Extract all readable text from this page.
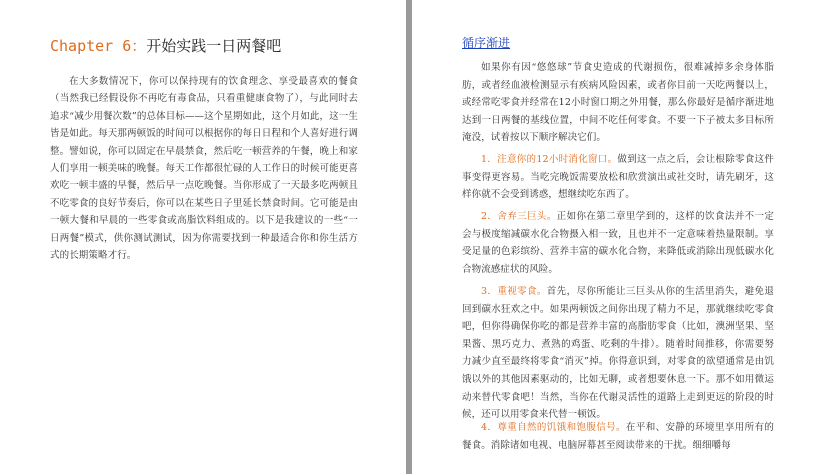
Chapter 6：开始实践一日两餐吧

在大多数情况下，你可以保持现有的饮食理念、享受最喜欢的餐食（当然我已经假设你不再吃有毒食品，只看重健康食物了），与此同时去追求“减少用餐次数”的总体目标——这个星期如此，这个月如此，这一生皆是如此。每天那两顿饭的时间可以根据你的每日日程和个人喜好进行调整。譬如说，你可以固定在早晨禁食，然后吃一顿营养的午餐，晚上和家人们享用一顿美味的晚餐。每天工作都很忙碌的人工作日的时候可能更喜欢吃一顿丰盛的早餐，然后早一点吃晚餐。当你形成了一天最多吃两顿且不吃零食的良好节奏后，你可以在某些日子里延长禁食时间。它可能是由一顿大餐和早晨的一些零食或高脂饮料组成的。以下是我建议的一些“一日两餐”模式，供你测试测试，因为你需要找到一种最适合你和你生活方式的长期策略才行。

循序渐进

如果你有因“悠悠球”节食史造成的代谢损伤，很难减掉多余身体脂肪，或者经血液检测显示有疾病风险因素，或者你目前一天吃两餐以上，或经常吃零食并经常在12小时窗口期之外用餐，那么你最好是循序渐进地达到一日两餐的基线位置，中间不吃任何零食。不要一下子被太多目标所淹没，试着按以下顺序解决它们。

1．注意你的12小时消化窗口。做到这一点之后，会让根除零食这件事变得更容易。当吃完晚饭需要放松和欣赏演出或社交时，请先刷牙，这样你就不会受到诱惑，想继续吃东西了。

2．舍弃三巨头。正如你在第二章里学到的，这样的饮食法并不一定会与极度缩减碳水化合物摄入相一致，且也并不一定意味着热量限制。享受足量的色彩缤纷、营养丰富的碳水化合物，来降低或消除出现低碳水化合物流感症状的风险。

3．重视零食。首先，尽你所能让三巨头从你的生活里消失，避免退回到碳水狂欢之中。如果两顿饭之间你出现了精力不足，那就继续吃零食吧，但你得确保你吃的都是营养丰富的高脂肪零食（比如，澳洲坚果、坚果酱、黑巧克力、煮熟的鸡蛋、吃剩的牛排）。随着时间推移，你需要努力减少直至最终将零食“消灭”掉。你得意识到，对零食的欲望通常是由饥饿以外的其他因素驱动的，比如无聊，或者想要休息一下。那不如用微运动来替代零食吧！当然，当你在代谢灵活性的道路上走到更远的阶段的时候，还可以用零食来代替一顿饭。

4．尊重自然的饥饿和饱腹信号。在平和、安静的环境里享用所有的餐食。消除诸如电视、电脑屏幕甚至阅读带来的干扰。细细嚼每
